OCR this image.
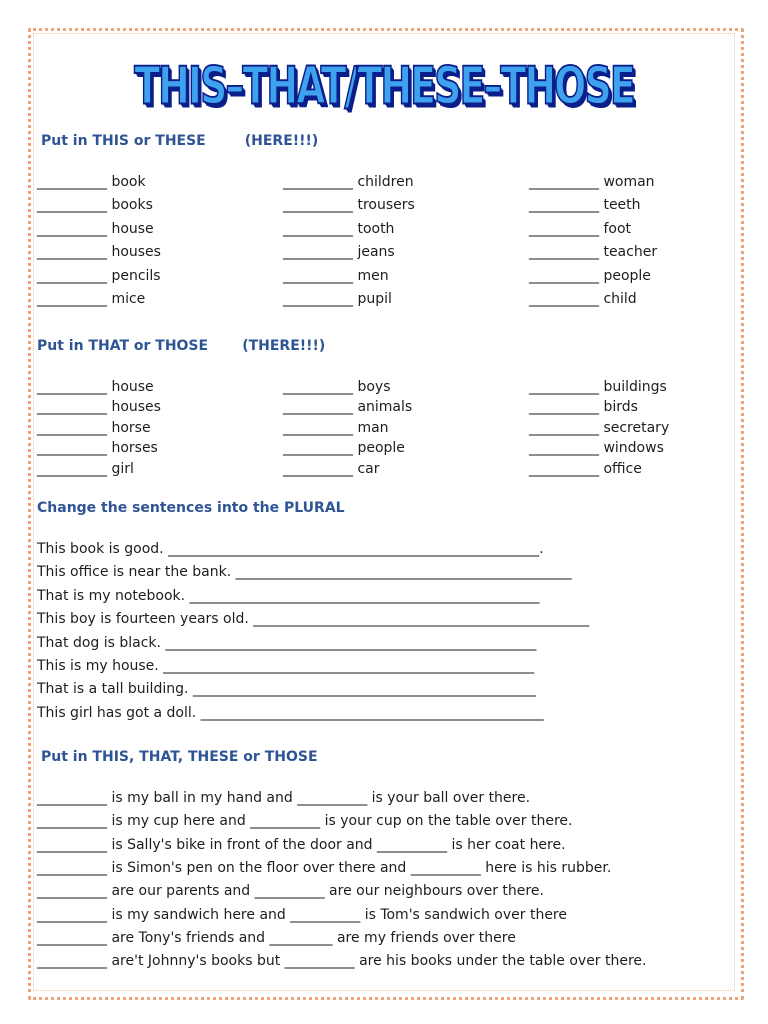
THIS–THAT/THESE–THOSE
Put in THIS or THESE        (HERE!!!)
__________ book
__________ books
__________ house
__________ houses
__________ pencils
__________ mice
__________ children
__________ trousers
__________ tooth
__________ jeans
__________ men
__________ pupil
__________ woman
__________ teeth
__________ foot
__________ teacher
__________ people
__________ child
Put in THAT or THOSE       (THERE!!!)
__________ house
__________ houses
__________ horse
__________ horses
__________ girl
__________ boys
__________ animals
__________ man
__________ people
__________ car
__________ buildings
__________ birds
__________ secretary
__________ windows
__________ office
Change the sentences into the PLURAL
This book is good. _____________________________________________________.
This office is near the bank. ________________________________________________
That is my notebook. __________________________________________________
This boy is fourteen years old. ________________________________________________
That dog is black. _____________________________________________________
This is my house. _____________________________________________________
That is a tall building. _________________________________________________
This girl has got a doll. _________________________________________________
Put in THIS, THAT, THESE or THOSE
__________ is my ball in my hand and __________ is your ball over there.
__________ is my cup here and __________ is your cup on the table over there.
__________ is Sally's bike in front of the door and __________ is her coat here.
__________ is Simon's pen on the floor over there and __________ here is his rubber.
__________ are our parents and __________ are our neighbours over there.
__________ is my sandwich here and __________ is Tom's sandwich over there
__________ are Tony's friends and _________ are my friends over there
__________ are't Johnny's books but __________ are his books under the table over there.
